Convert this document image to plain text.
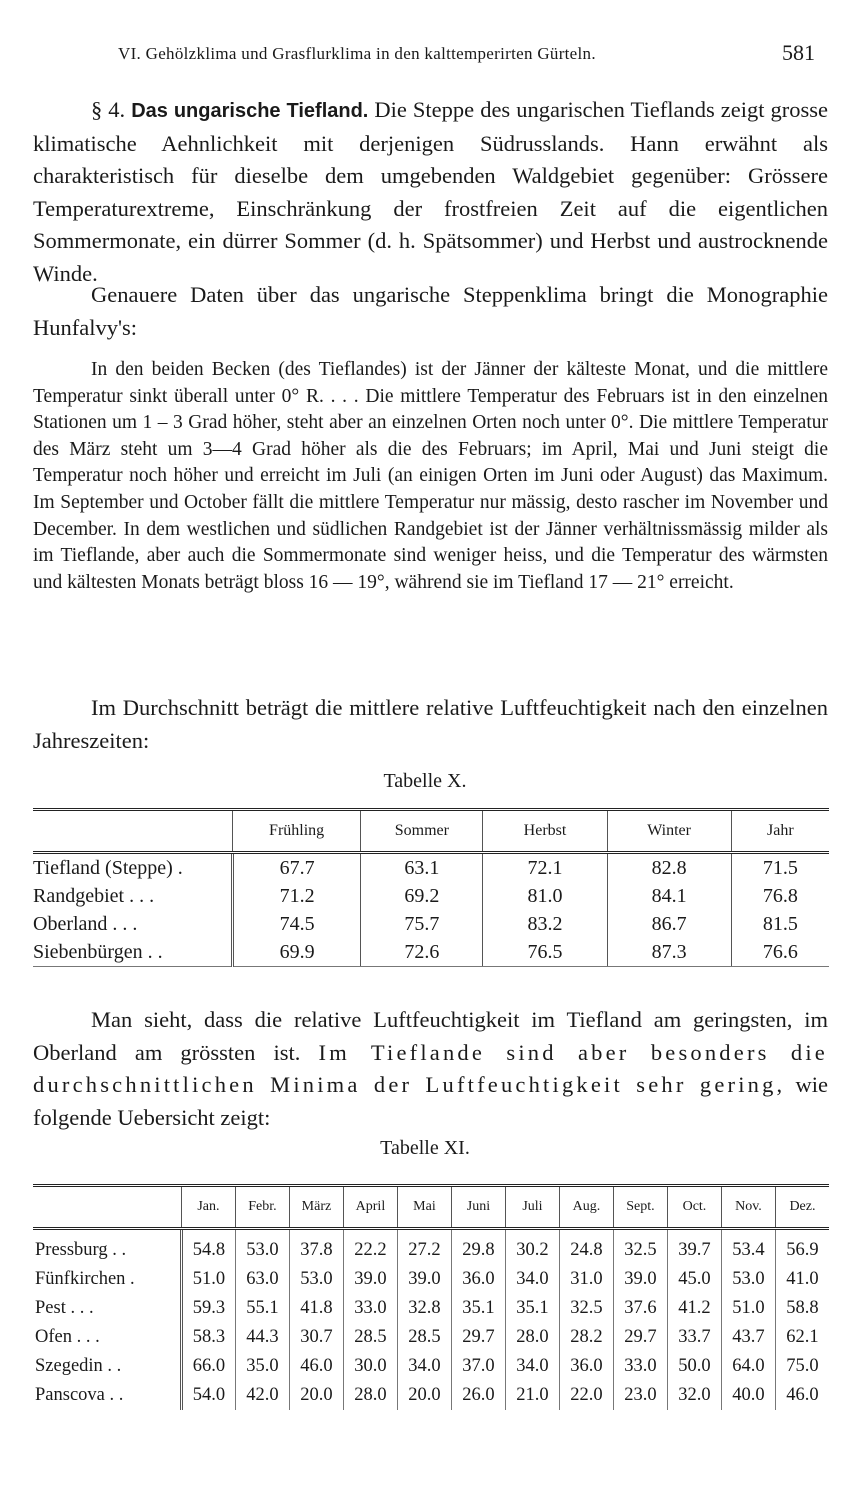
VI. Gehölzklima und Grasflurklima in den kalttemperirten Gürteln.	581

§ 4. Das ungarische Tiefland. Die Steppe des ungarischen Tieflands zeigt grosse klimatische Aehnlichkeit mit derjenigen Südrusslands. Hann erwähnt als charakteristisch für dieselbe dem umgebenden Waldgebiet gegenüber: Grössere Temperaturextreme, Einschränkung der frostfreien Zeit auf die eigentlichen Sommermonate, ein dürrer Sommer (d. h. Spätsommer) und Herbst und austrocknende Winde.

Genauere Daten über das ungarische Steppenklima bringt die Monographie Hunfalvy's:

In den beiden Becken (des Tieflandes) ist der Jänner der kälteste Monat, und die mittlere Temperatur sinkt überall unter 0° R. . . . Die mittlere Temperatur des Februars ist in den einzelnen Stationen um 1 – 3 Grad höher, steht aber an einzelnen Orten noch unter 0°. Die mittlere Temperatur des März steht um 3—4 Grad höher als die des Februars; im April, Mai und Juni steigt die Temperatur noch höher und erreicht im Juli (an einigen Orten im Juni oder August) das Maximum. Im September und October fällt die mittlere Temperatur nur mässig, desto rascher im November und December. In dem westlichen und südlichen Randgebiet ist der Jänner verhältnissmässig milder als im Tieflande, aber auch die Sommermonate sind weniger heiss, und die Temperatur des wärmsten und kältesten Monats beträgt bloss 16 — 19°, während sie im Tiefland 17 — 21° erreicht.

Im Durchschnitt beträgt die mittlere relative Luftfeuchtigkeit nach den einzelnen Jahreszeiten:

Tabelle X.
	Frühling	Sommer	Herbst	Winter	Jahr
Tiefland (Steppe) .	67.7	63.1	72.1	82.8	71.5
Randgebiet . . .	71.2	69.2	81.0	84.1	76.8
Oberland . . .	74.5	75.7	83.2	86.7	81.5
Siebenbürgen . .	69.9	72.6	76.5	87.3	76.6

Man sieht, dass die relative Luftfeuchtigkeit im Tiefland am geringsten, im Oberland am grössten ist. Im Tieflande sind aber besonders die durchschnittlichen Minima der Luftfeuchtigkeit sehr gering, wie folgende Uebersicht zeigt:

Tabelle XI.
	Jan.	Febr.	März	April	Mai	Juni	Juli	Aug.	Sept.	Oct.	Nov.	Dez.
Pressburg . .	54.8	53.0	37.8	22.2	27.2	29.8	30.2	24.8	32.5	39.7	53.4	56.9
Fünfkirchen .	51.0	63.0	53.0	39.0	39.0	36.0	34.0	31.0	39.0	45.0	53.0	41.0
Pest . . .	59.3	55.1	41.8	33.0	32.8	35.1	35.1	32.5	37.6	41.2	51.0	58.8
Ofen . . .	58.3	44.3	30.7	28.5	28.5	29.7	28.0	28.2	29.7	33.7	43.7	62.1
Szegedin . .	66.0	35.0	46.0	30.0	34.0	37.0	34.0	36.0	33.0	50.0	64.0	75.0
Panscova . .	54.0	42.0	20.0	28.0	20.0	26.0	21.0	22.0	23.0	32.0	40.0	46.0
